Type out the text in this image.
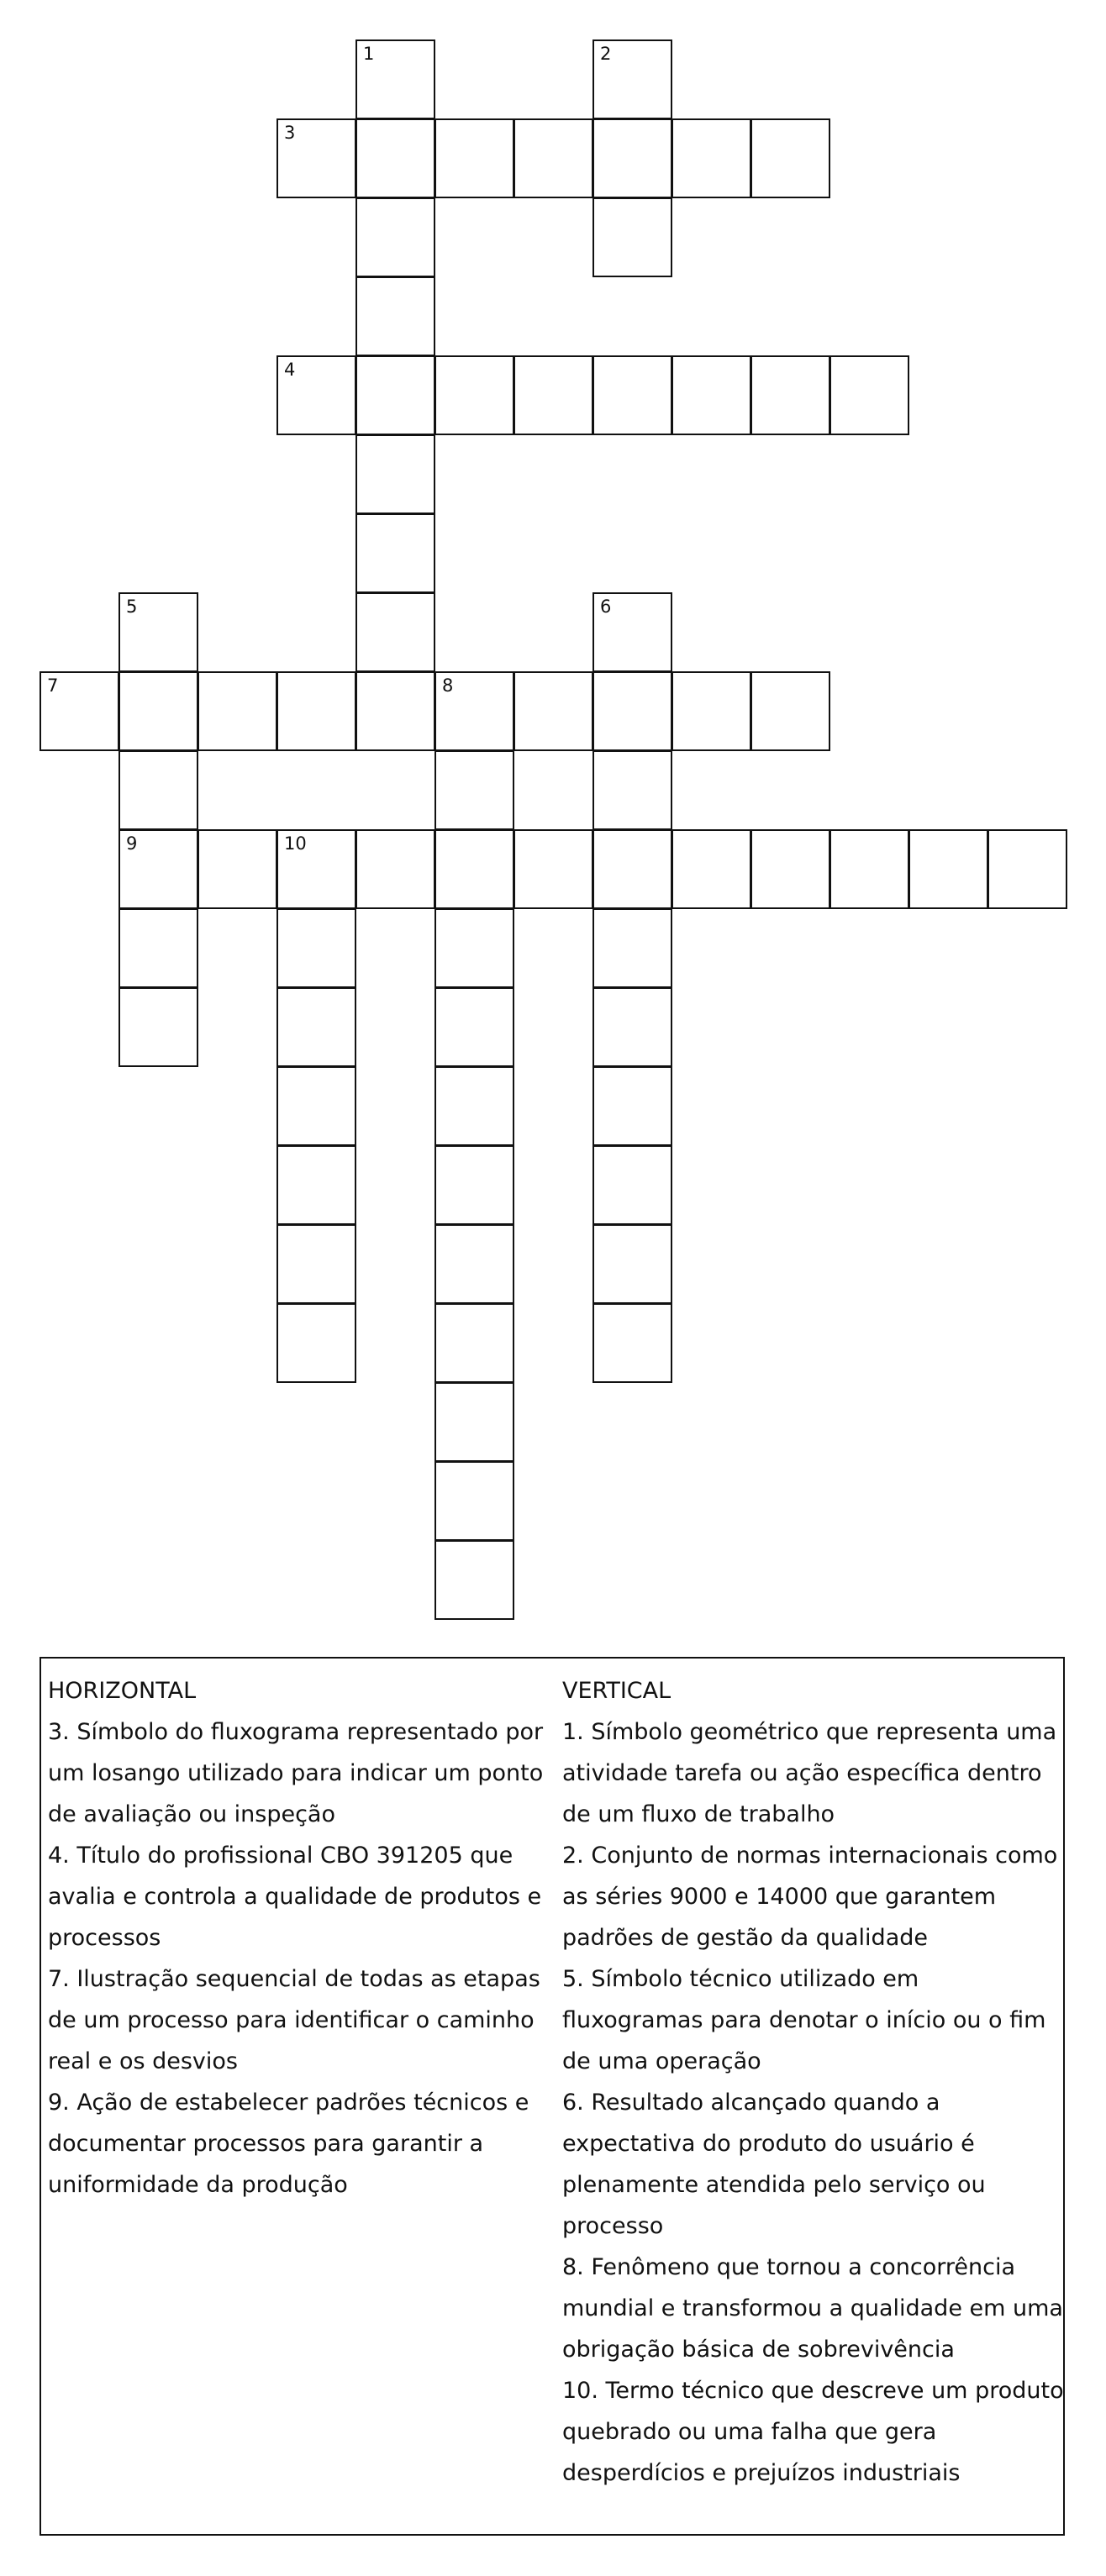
1	2
3
4
5	6
7	8
9	10
HORIZONTAL
3. Símbolo do fluxograma representado por um losango utilizado para indicar um ponto de avaliação ou inspeção
4. Título do profissional CBO 391205 que avalia e controla a qualidade de produtos e processos
7. Ilustração sequencial de todas as etapas de um processo para identificar o caminho real e os desvios
9. Ação de estabelecer padrões técnicos e documentar processos para garantir a uniformidade da produção
VERTICAL
1. Símbolo geométrico que representa uma atividade tarefa ou ação específica dentro de um fluxo de trabalho
2. Conjunto de normas internacionais como as séries 9000 e 14000 que garantem padrões de gestão da qualidade
5. Símbolo técnico utilizado em fluxogramas para denotar o início ou o fim de uma operação
6. Resultado alcançado quando a expectativa do produto do usuário é plenamente atendida pelo serviço ou processo
8. Fenômeno que tornou a concorrência mundial e transformou a qualidade em uma obrigação básica de sobrevivência
10. Termo técnico que descreve um produto quebrado ou uma falha que gera desperdícios e prejuízos industriais
